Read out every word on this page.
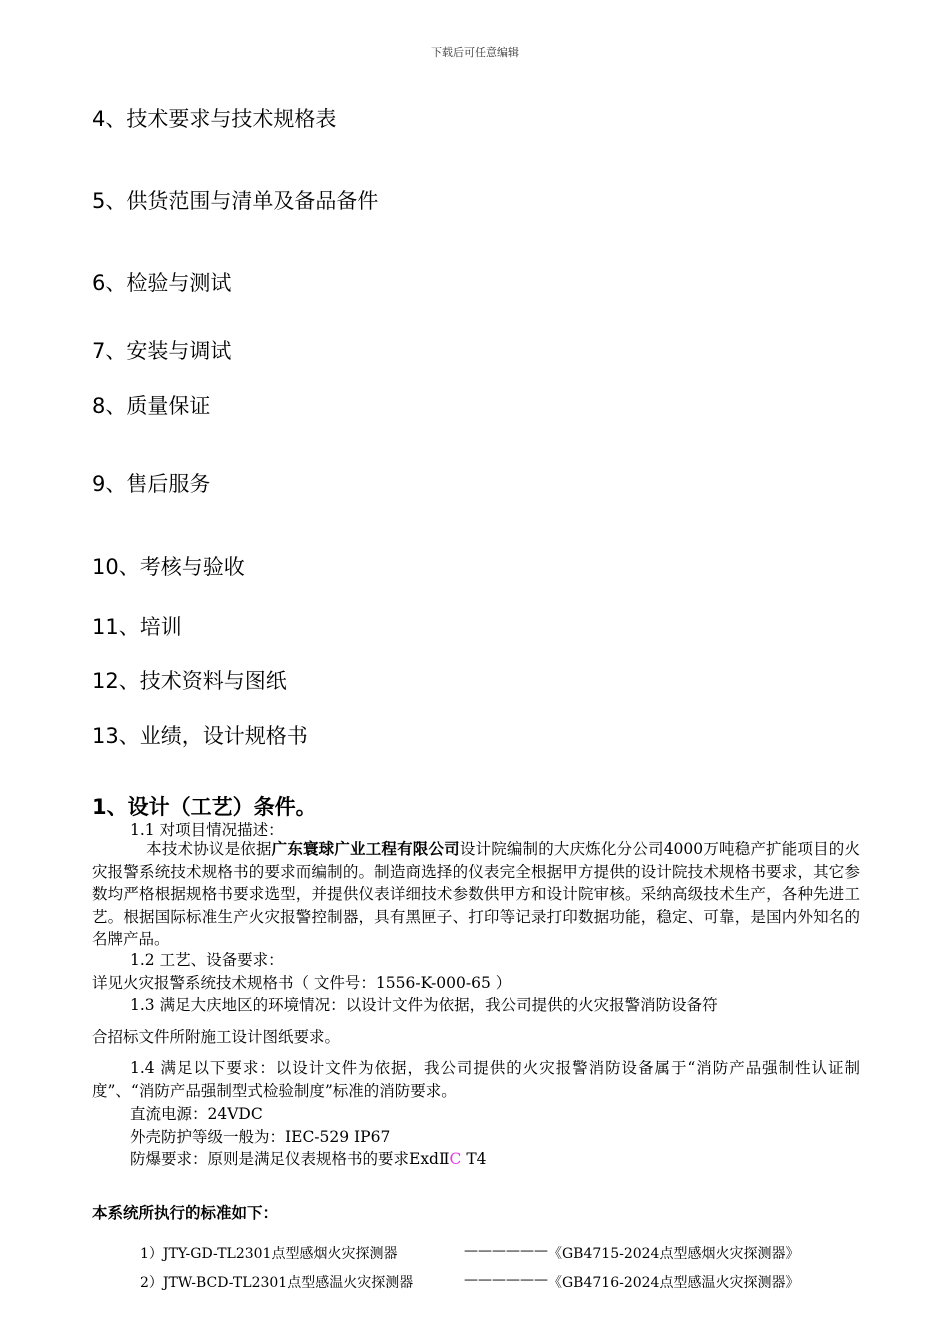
下载后可任意编辑
4、技术要求与技术规格表
5、供货范围与清单及备品备件
6、检验与测试
7、安装与调试
8、质量保证
9、售后服务
10、考核与验收
11、培训
12、技术资料与图纸
13、业绩，设计规格书
1、设计（工艺）条件。
1.1 对项目情况描述：
本技术协议是依据广东寰球广业工程有限公司设计院编制的大庆炼化分公司4000万吨稳产扩能项目的火灾报警系统技术规格书的要求而编制的。制造商选择的仪表完全根据甲方提供的设计院技术规格书要求，其它参数均严格根据规格书要求选型，并提供仪表详细技术参数供甲方和设计院审核。采纳高级技术生产，各种先进工艺。根据国际标准生产火灾报警控制器，具有黑匣子、打印等记录打印数据功能，稳定、可靠，是国内外知名的名牌产品。
1.2 工艺、设备要求：
详见火灾报警系统技术规格书（ 文件号：1556-K-000-65 ）
1.3 满足大庆地区的环境情况：以设计文件为依据，我公司提供的火灾报警消防设备符
合招标文件所附施工设计图纸要求。
1.4 满足以下要求：以设计文件为依据，我公司提供的火灾报警消防设备属于“消防产品强制性认证制度”、“消防产品强制型式检验制度”标准的消防要求。
直流电源：24VDC
外壳防护等级一般为：IEC-529 IP67
防爆要求：原则是满足仪表规格书的要求ExdⅡC T4
本系统所执行的标准如下：
1）JTY-GD-TL2301点型感烟火灾探测器	—————— 《GB4715-2024点型感烟火灾探测器》
2）JTW-BCD-TL2301点型感温火灾探测器	—————— 《GB4716-2024点型感温火灾探测器》
